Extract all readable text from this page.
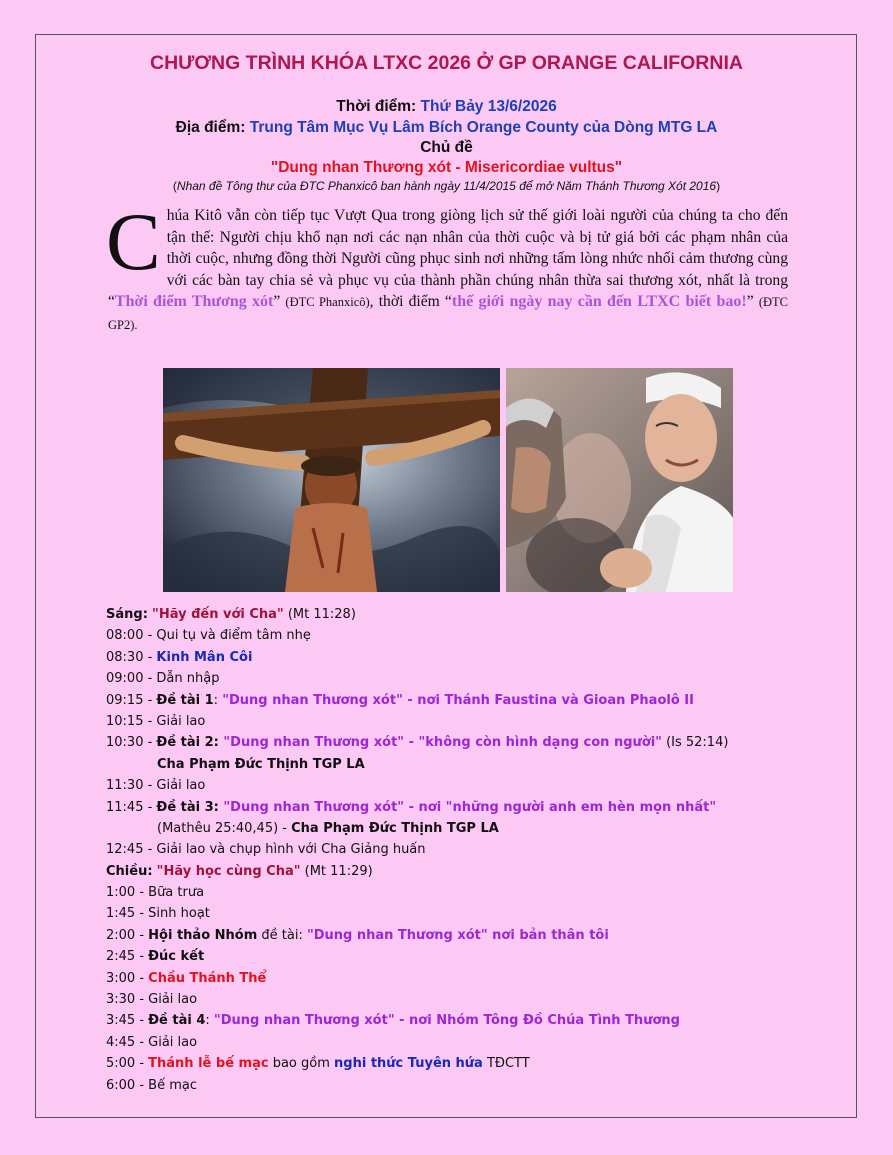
CHƯƠNG TRÌNH KHÓA LTXC 2026 Ở GP ORANGE CALIFORNIA
Thời điểm: Thứ Bảy 13/6/2026
Địa điểm: Trung Tâm Mục Vụ Lâm Bích Orange County của Dòng MTG LA
Chủ đề
"Dung nhan Thương xót - Misericordiae vultus"
(Nhan đề Tông thư của ĐTC Phanxicô ban hành ngày 11/4/2015 để mở Năm Thánh Thương Xót 2016)
Chúa Kitô vẫn còn tiếp tục Vượt Qua trong giòng lịch sử thế giới loài người của chúng ta cho đến tận thế: Người chịu khổ nạn nơi các nạn nhân của thời cuộc và bị tử giá bởi các phạm nhân của thời cuộc, nhưng đồng thời Người cũng phục sinh nơi những tấm lòng nhức nhối cảm thương cùng với các bàn tay chia sẻ và phục vụ của thành phần chúng nhân thừa sai thương xót, nhất là trong “Thời điểm Thương xót” (ĐTC Phanxicô), thời điểm “thế giới ngày nay cần đến LTXC biết bao!” (ĐTC GP2).
Sáng: "Hãy đến với Cha" (Mt 11:28)
08:00 - Qui tụ và điểm tâm nhẹ
08:30 - Kinh Mân Côi
09:00 - Dẫn nhập
09:15 - Đề tài 1: "Dung nhan Thương xót" - nơi Thánh Faustina và Gioan Phaolô II
10:15 - Giải lao
10:30 - Đề tài 2: "Dung nhan Thương xót" - "không còn hình dạng con người" (Is 52:14)
Cha Phạm Đức Thịnh TGP LA
11:30 - Giải lao
11:45 - Đề tài 3: "Dung nhan Thương xót" - nơi "những người anh em hèn mọn nhất"
(Mathêu 25:40,45) - Cha Phạm Đức Thịnh TGP LA
12:45 - Giải lao và chụp hình với Cha Giảng huấn
Chiều: "Hãy học cùng Cha" (Mt 11:29)
1:00 - Bữa trưa
1:45 - Sinh hoạt
2:00 - Hội thảo Nhóm đề tài: "Dung nhan Thương xót" nơi bản thân tôi
2:45 - Đúc kết
3:00 - Chầu Thánh Thể
3:30 - Giải lao
3:45 - Đề tài 4: "Dung nhan Thương xót" - nơi Nhóm Tông Đồ Chúa Tình Thương
4:45 - Giải lao
5:00 - Thánh lễ bế mạc bao gồm nghi thức Tuyên hứa TĐCTT
6:00 - Bế mạc
